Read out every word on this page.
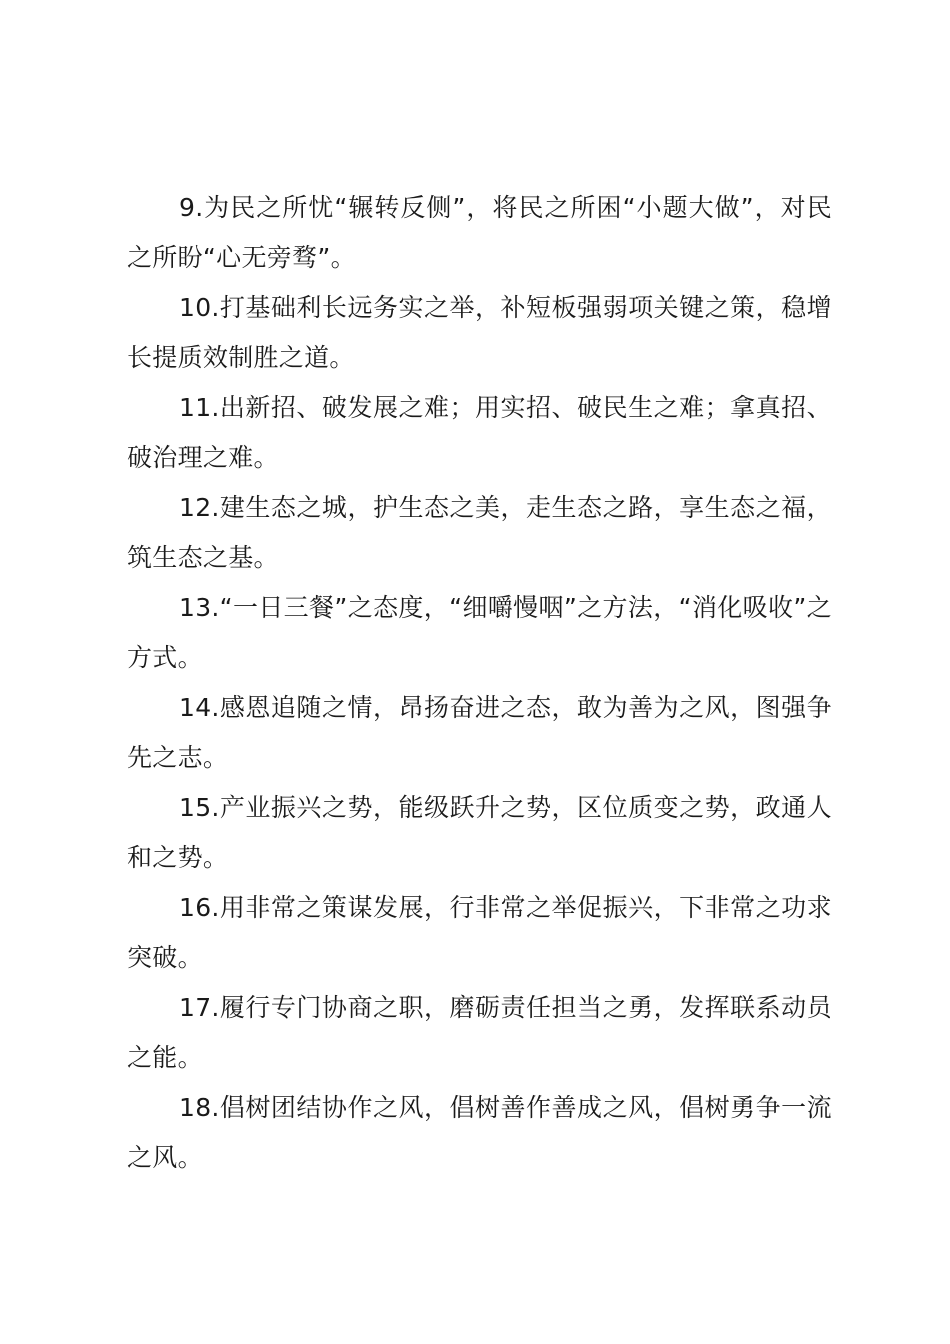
9.为民之所忧“辗转反侧”，将民之所困“小题大做”，对民之所盼“心无旁骛”。

10.打基础利长远务实之举，补短板强弱项关键之策，稳增长提质效制胜之道。

11.出新招、破发展之难；用实招、破民生之难；拿真招、破治理之难。

12.建生态之城，护生态之美，走生态之路，享生态之福，筑生态之基。

13.“一日三餐”之态度，“细嚼慢咽”之方法，“消化吸收”之方式。

14.感恩追随之情，昂扬奋进之态，敢为善为之风，图强争先之志。

15.产业振兴之势，能级跃升之势，区位质变之势，政通人和之势。

16.用非常之策谋发展，行非常之举促振兴，下非常之功求突破。

17.履行专门协商之职，磨砺责任担当之勇，发挥联系动员之能。

18.倡树团结协作之风，倡树善作善成之风，倡树勇争一流之风。
